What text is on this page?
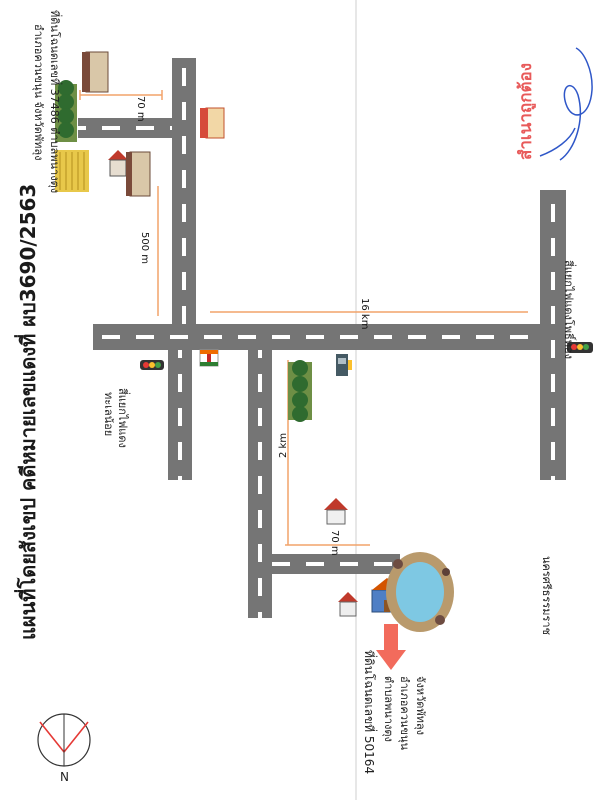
แผนที่โดยสังเขป คดีหมายเลขแดงที่ ผบ3690/2563
ที่ดินโฉนดเลขที่ 37486 ตำบลพนางตุง
อำเภอควนขนุน จังหวัดพัทลุง	สำเนาถูกต้อง
70 m
500 m
16 km
2 km
70 m
สี่แยกไฟแดง
ทะเลน้อย
สี่แยกไฟแดงโพธิ์ทอง
นครศรีธรรมราช
ที่ดินโฉนดเลขที่ 50164 ตำบลพนางตุง อำเภอควนขนุน จังหวัดพัทลุง
N
